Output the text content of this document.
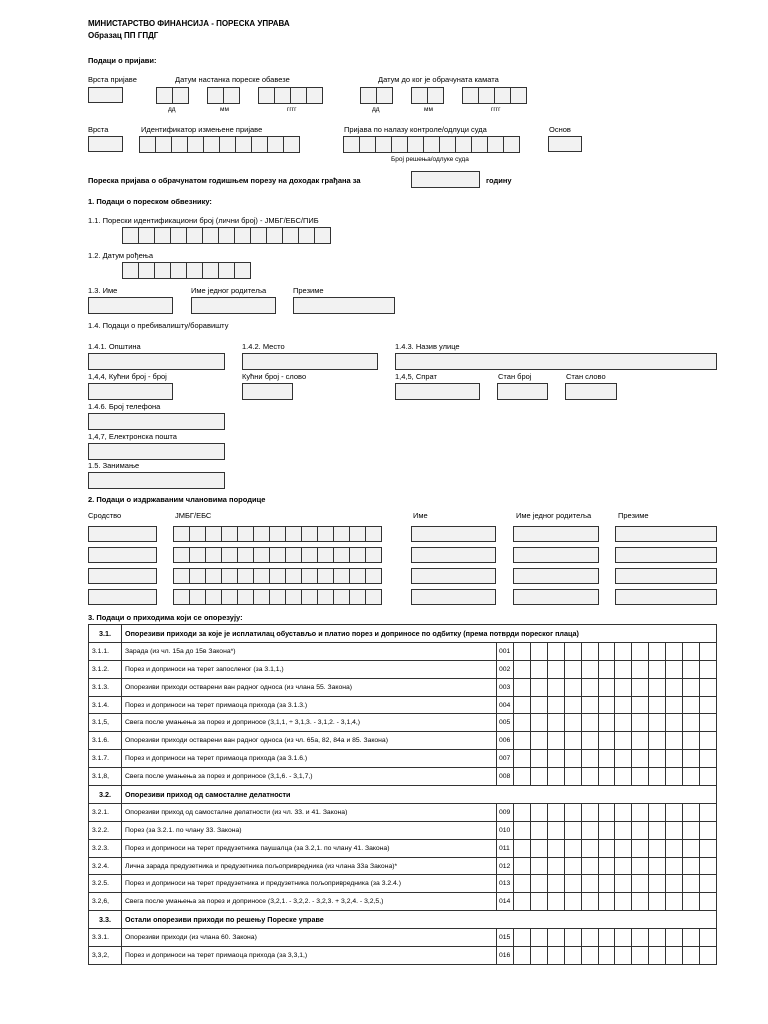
МИНИСТАРСТВО ФИНАНСИЈА - ПОРЕСКА УПРАВА
Образац ПП ГПДГ
Подаци о пријави:
Врста пријаве	Датум настанка пореске обавезе	Датум до ког је обрачуната камата
дд	мм	гггг	дд	мм	гггг
Врста	Идентификатор измењене пријаве	Пријава по налазу контроле/одлуци суда	Основ
Број решења/одлуке суда
Пореска пријава о обрачунатом годишњем порезу на доходак грађана за	годину
1. Подаци о пореском обвезнику:
1.1. Порески идентификациони број (лични број) - ЈМБГ/ЕБС/ПИБ
1.2. Датум рођења
1.3. Име	Име једног родитеља	Презиме
1.4. Подаци о пребивалишту/боравишту
1.4.1. Општина	1.4.2. Место	1.4.3. Назив улице
1,4,4, Кућни број - број	Кућни број - слово	1,4,5, Спрат	Стан број	Стан слово
1.4.6. Број телефона
1,4,7, Електронска пошта
1.5. Занимање
2. Подаци о издржаваним члановима породице
Сродство	ЈМБГ/ЕБС	Име	Име једног родитеља	Презиме
3. Подаци о приходима који се опорезују:
3.1.	Опорезиви приходи за које је исплатилац обустављо и платио порез и доприносе по одбитку (према потврди пореског плаца)													
3.1.1.	Зарада (из чл. 15а до 15в Закона*)	001												
3.1.2.	Порез и доприноси на терет запосленог (за 3.1,1,)	002												
3.1.3.	Опорезиви приходи остварени ван радног односа (из члана 55. Закона)	003												
3.1.4.	Порез и доприноси на терет примаоца прихода (за 3.1.3.)	004												
3.1,5,	Свега после умањења за порез и доприносе (3,1,1, ÷ 3,1,3. - 3,1,2. - 3,1,4,)	005												
3.1.6.	Опорезиви приходи остварени ван радног односа (из чл. 65а, 82, 84а и 85. Закона)	006												
3.1.7.	Порез и доприноси на терет примаоца прихода (за 3.1.6.)	007												
3.1,8,	Свега после умањења за порез и доприносе (3,1,6. - 3,1,7,)	008												
3.2.	Опорезиви приход од самосталне делатности													
3.2.1.	Опорезиви приход од самосталне делатности (из чл. 33. и 41. Закона)	009												
3.2.2.	Порез (за 3.2.1. по члану 33. Закона)	010												
3.2.3.	Порез и доприноси на терет предузетника паушалца (за 3.2,1. по члану 41. Закона)	011												
3.2.4.	Лична зарада предузетника и предузетника пољопривредника (из члана 33а Закона)*	012												
3.2.5.	Порез и доприноси на терет предузетника и предузетника пољопривредника (за 3.2.4.)	013												
3.2,6,	Свега после умањења за порез и доприносе (3,2,1. - 3,2,2. - 3,2,3. + 3,2,4. - 3,2,5,)	014												
3.3.	Остали опорезиви приходи по решењу Пореске управе													
3.3.1.	Опорезиви приходи (из члана 60. Закона)	015												
3,3,2,	Порез и доприноси на терет примаоца прихода (за 3,3,1,)	016												
